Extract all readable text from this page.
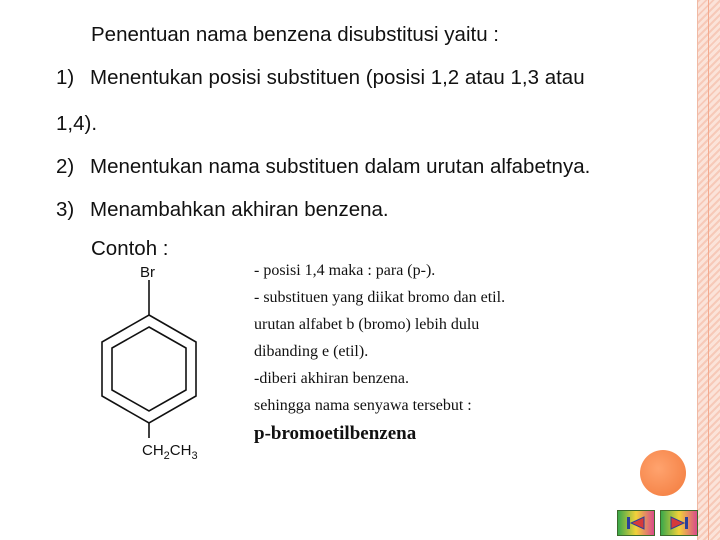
Penentuan nama benzena disubstitusi yaitu :
1) Menentukan posisi substituen (posisi 1,2 atau 1,3 atau
1,4).
2) Menentukan nama substituen dalam urutan alfabetnya.
3) Menambahkan akhiran benzena.
Contoh :
Br
$CH_2CH_3$
- posisi 1,4 maka : para (p-).
- substituen yang diikat bromo dan etil.
urutan alfabet b (bromo) lebih dulu
dibanding e (etil).
-diberi akhiran benzena.
sehingga nama senyawa tersebut :
p-bromoetilbenzena
